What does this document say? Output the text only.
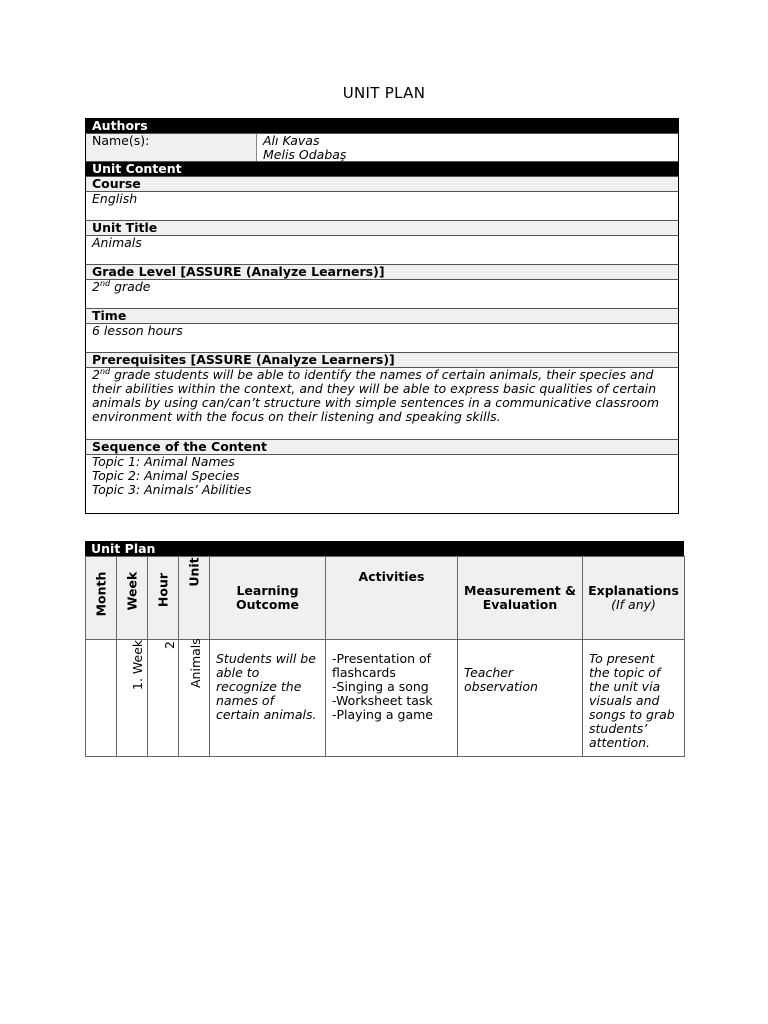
UNIT PLAN
Authors
Name(s):	Alı Kavas
Melis Odabaş
Unit Content
Course
English
Unit Title
Animals
Grade Level [ASSURE (Analyze Learners)]
2nd grade
Time
6 lesson hours
Prerequisites [ASSURE (Analyze Learners)]
2nd grade students will be able to identify the names of certain animals, their species and their abilities within the context, and they will be able to express basic qualities of certain animals by using can/can’t structure with simple sentences in a communicative classroom environment with the focus on their listening and speaking skills.
Sequence of the Content
Topic 1: Animal Names
Topic 2: Animal Species
Topic 3: Animals’ Abilities
Unit Plan
Month	Week	Hour	Unit	Learning Outcome	Activities	Measurement & Evaluation	Explanations
(If any)

	1. Week	2	Animals	Students will be able to recognize the names of certain animals.	-Presentation of flashcards
-Singing a song
-Worksheet task
-Playing a game	Teacher observation	To present the topic of the unit via visuals and songs to grab students’ attention.
